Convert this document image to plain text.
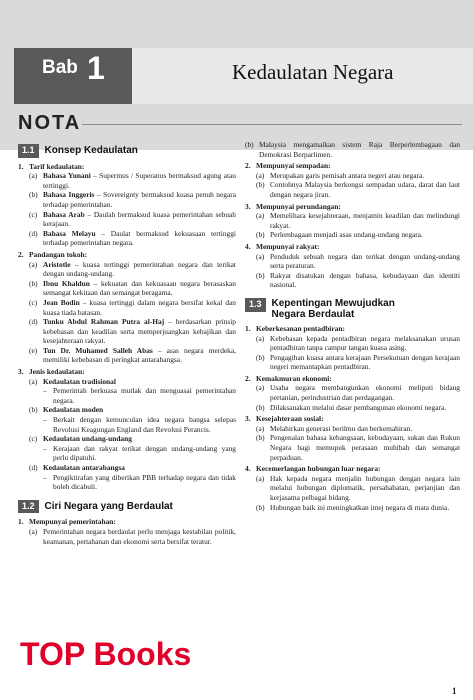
Bab 1	Kedaulatan Negara
NOTA
1.1	Konsep Kedaulatan
1. Tarif kedaulatan:
(a) Bahasa Yunani – Supermus / Superanus bermaksud agung atau tertinggi.
(b) Bahasa Inggeris – Sovereignty bermaksud kuasa penuh negara terhadap pemerintahan.
(c) Bahasa Arab – Daulah bermaksud kuasa pemerintahan sebuah kerajaan.
(d) Bahasa Melayu – Daulat bermaksud kekuasaan tertinggi terhadap pemerintahan negara.
2. Pandangan tokoh:
(a) Aristotle – kuasa tertinggi pemerintahan negara dan terikat dengan undang-undang.
(b) Ibnu Khaldun – kekuatan dan kekuasaan negara berasaskan semangat kekitaan dan semangat beragama.
(c) Jean Bodin – kuasa tertinggi dalam negara bersifat kekal dan kuasa tiada batasan.
(d) Tunku Abdul Rahman Putra al-Haj – berdasarkan prinsip kebebasan dan keadilan serta memperjuangkan kebajikan dan kesejahteraan rakyat.
(e) Tun Dr. Muhamed Salleh Abas – asas negara merdeka, memiliki kebebasan di peringkat antarabangsa.
3. Jenis kedaulatan:
(a) Kedaulatan tradisional
– Pemerintah berkuasa mutlak dan menguasai pemerintahan negara.
(b) Kedaulatan moden
– Berkait dengan kemunculan idea negara bangsa selepas Revolusi Keagungan England dan Revolusi Perancis.
(c) Kedaulatan undang-undang
– Kerajaan dan rakyat terikat dengan undang-undang yang perlu dipatuhi.
(d) Kedaulatan antarabangsa
– Pengiktirafan yang diberikan PBB terhadap negara dan tidak boleh dicabuli.
1.2	Ciri Negara yang Berdaulat
1. Mempunyai pemerintahan:
(a) Pemerintahan negara berdaulat perlu menjaga kestabilan politik, keamanan, pertahanan dan ekonomi serta bersifat teratur.
(b) Malaysia mengamalkan sistem Raja Berperlembagaan dan Demokrasi Berparlimen.
2. Mempunyai sempadan:
(a) Merupakan garis pemisah antara negeri atau negara.
(b) Contohnya Malaysia berkongsi sempadan udara, darat dan laut dengan negara jiran.
3. Mempunyai perundangan:
(a) Memelihara kesejahteraan, menjamin keadilan dan melindungi rakyat.
(b) Perlembagaan menjadi asas undang-undang negara.
4. Mempunyai rakyat:
(a) Penduduk sebuah negara dan terikat dengan undang-undang serta peraturan.
(b) Rakyat disatukan dengan bahasa, kebudayaan dan identiti nasional.
1.3	Kepentingan Mewujudkan
Negara Berdaulat
1. Keberkesanan pentadbiran:
(a) Kebebasan kepada pentadbiran negara melaksanakan urusan pentadbiran tanpa campur tangan kuasa asing.
(b) Pengagihan kuasa antara kerajaan Persekutuan dengan kerajaan negeri memantapkan pentadbiran.
2. Kemakmuran ekonomi:
(a) Usaha negara membangunkan ekonomi meliputi bidang pertanian, perindustrian dan perdagangan.
(b) Dilaksanakan melalui dasar pembangunan ekonomi negara.
3. Kesejahteraan sosial:
(a) Melahirkan generasi berilmu dan berkemahiran.
(b) Pengenalan bahasa kebangsaan, kebudayaan, sukan dan Rukun Negara bagi memupuk perasaan muhibah dan semangat perpaduan.
4. Kecemerlangan hubungan luar negara:
(a) Hak kepada negara menjalin hubungan dengan negara lain melalui hubungan diplomatik, persahabatan, perjanjian dan kerjasama pelbagai bidang.
(b) Hubungan baik ini meningkatkan imej negara di mata dunia.
TOP Books
1
